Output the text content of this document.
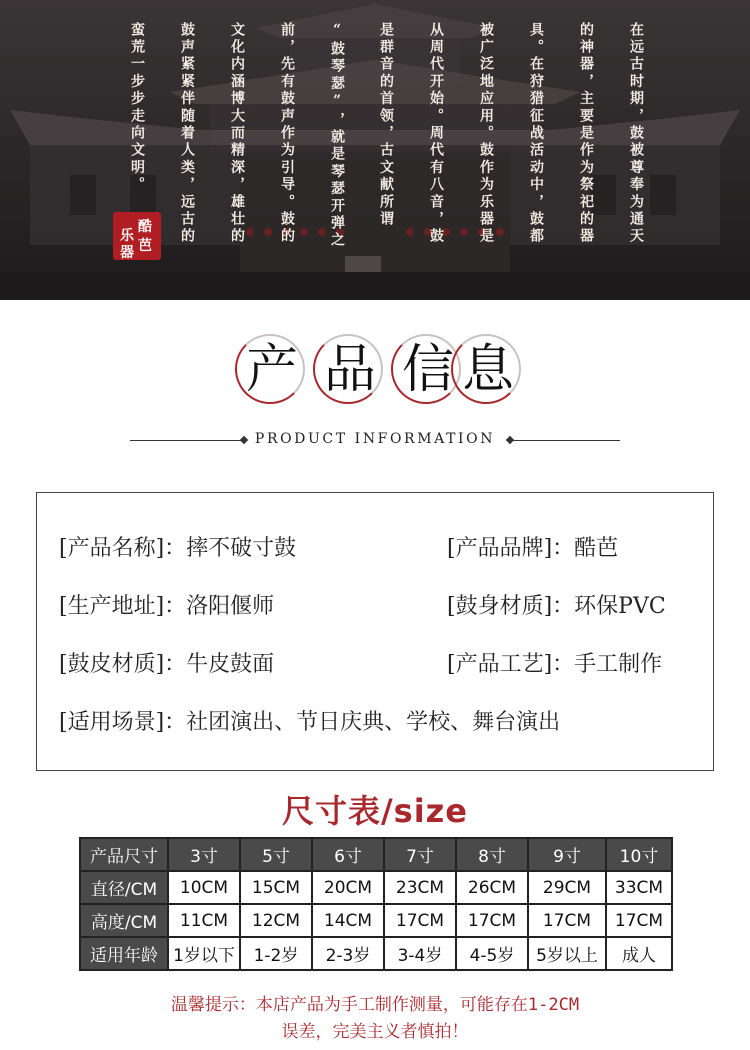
在远古时期，鼓被尊奉为通天
的神器，主要是作为祭祀的器
具。在狩猎征战活动中，鼓都
被广泛地应用。鼓作为乐器是
从周代开始。周代有八音，鼓
是群音的首领，古文献所谓
“鼓琴瑟”，就是琴瑟开弹之
前，先有鼓声作为引导。鼓的
文化内涵博大而精深，雄壮的
鼓声紧紧伴随着人类，远古的
蛮荒一步步走向文明。
酷
芭
乐
器
产 品 信 息
PRODUCT INFORMATION
[产品名称]：摔不破寸鼓	[产品品牌]：酷芭
[生产地址]：洛阳偃师	[鼓身材质]：环保PVC
[鼓皮材质]：牛皮鼓面	[产品工艺]：手工制作
[适用场景]：社团演出、节日庆典、学校、舞台演出
尺寸表/size
产品尺寸	3寸	5寸	6寸	7寸	8寸	9寸	10寸
直径/CM	10CM	15CM	20CM	23CM	26CM	29CM	33CM
高度/CM	11CM	12CM	14CM	17CM	17CM	17CM	17CM
适用年龄	1岁以下	1-2岁	2-3岁	3-4岁	4-5岁	5岁以上	成人
温馨提示：本店产品为手工制作测量，可能存在1-2CM
误差，完美主义者慎拍！
